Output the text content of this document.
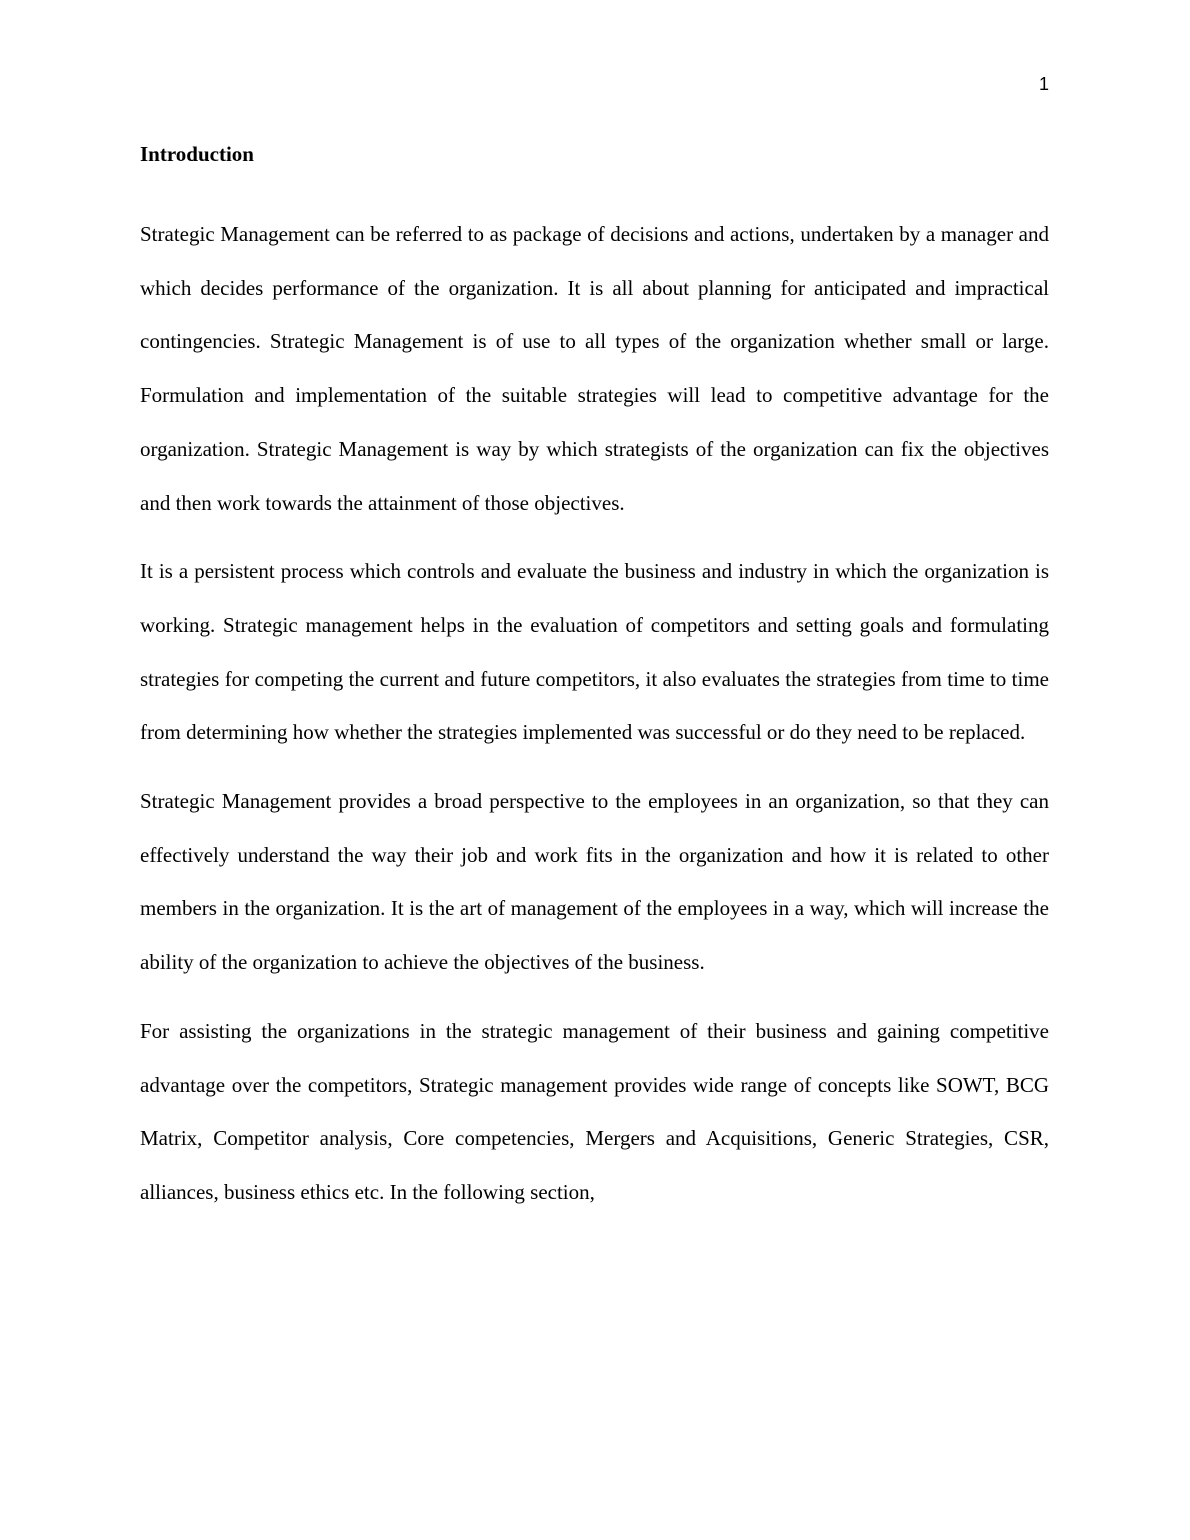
1
Introduction

Strategic Management can be referred to as package of decisions and actions, undertaken by a manager and which decides performance of the organization. It is all about planning for anticipated and impractical contingencies. Strategic Management is of use to all types of the organization whether small or large. Formulation and implementation of the suitable strategies will lead to competitive advantage for the organization. Strategic Management is way by which strategists of the organization can fix the objectives and then work towards the attainment of those objectives.

It is a persistent process which controls and evaluate the business and industry in which the organization is working. Strategic management helps in the evaluation of competitors and setting goals and formulating strategies for competing the current and future competitors, it also evaluates the strategies from time to time from determining how whether the strategies implemented was successful or do they need to be replaced.

Strategic Management provides a broad perspective to the employees in an organization, so that they can effectively understand the way their job and work fits in the organization and how it is related to other members in the organization. It is the art of management of the employees in a way, which will increase the ability of the organization to achieve the objectives of the business.

For assisting the organizations in the strategic management of their business and gaining competitive advantage over the competitors, Strategic management provides wide range of concepts like SOWT, BCG Matrix, Competitor analysis, Core competencies, Mergers and Acquisitions, Generic Strategies, CSR, alliances, business ethics etc. In the following section,
